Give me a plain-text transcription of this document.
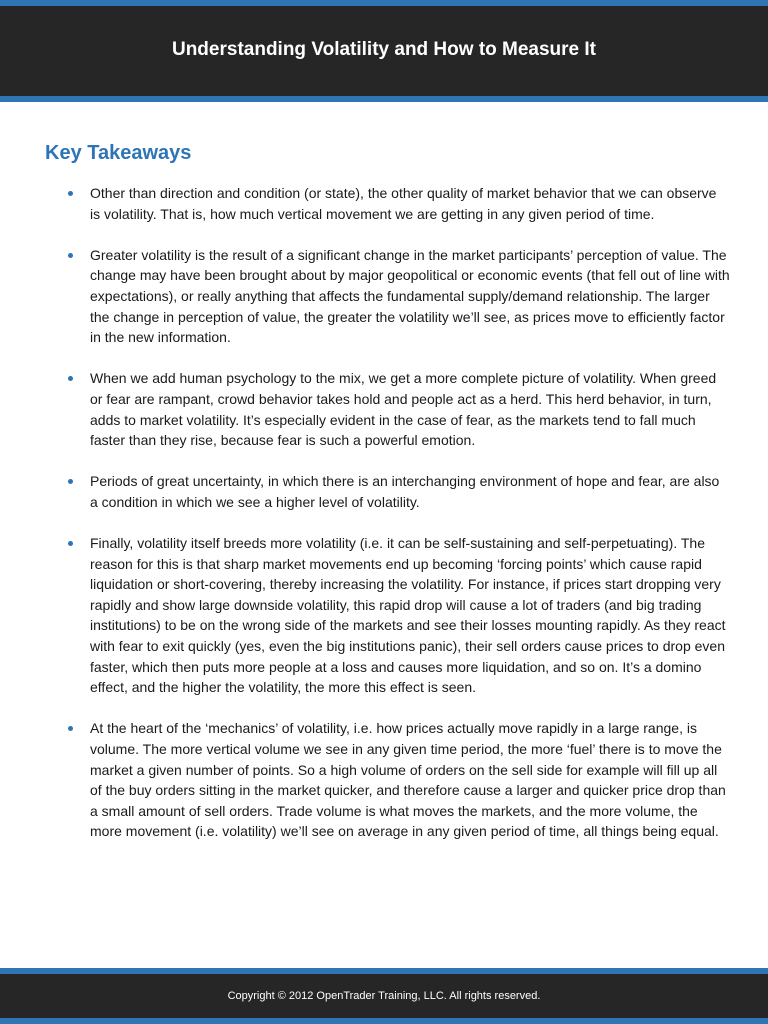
Understanding Volatility and How to Measure It
Key Takeaways
Other than direction and condition (or state), the other quality of market behavior that we can observe is volatility. That is, how much vertical movement we are getting in any given period of time.
Greater volatility is the result of a significant change in the market participants’ perception of value. The change may have been brought about by major geopolitical or economic events (that fell out of line with expectations), or really anything that affects the fundamental supply/demand relationship. The larger the change in perception of value, the greater the volatility we’ll see, as prices move to efficiently factor in the new information.
When we add human psychology to the mix, we get a more complete picture of volatility. When greed or fear are rampant, crowd behavior takes hold and people act as a herd. This herd behavior, in turn, adds to market volatility. It’s especially evident in the case of fear, as the markets tend to fall much faster than they rise, because fear is such a powerful emotion.
Periods of great uncertainty, in which there is an interchanging environment of hope and fear, are also a condition in which we see a higher level of volatility.
Finally, volatility itself breeds more volatility (i.e. it can be self-sustaining and self-perpetuating). The reason for this is that sharp market movements end up becoming ‘forcing points’ which cause rapid liquidation or short-covering, thereby increasing the volatility. For instance, if prices start dropping very rapidly and show large downside volatility, this rapid drop will cause a lot of traders (and big trading institutions) to be on the wrong side of the markets and see their losses mounting rapidly. As they react with fear to exit quickly (yes, even the big institutions panic), their sell orders cause prices to drop even faster, which then puts more people at a loss and causes more liquidation, and so on. It’s a domino effect, and the higher the volatility, the more this effect is seen.
At the heart of the ‘mechanics’ of volatility, i.e. how prices actually move rapidly in a large range, is volume. The more vertical volume we see in any given time period, the more ‘fuel’ there is to move the market a given number of points. So a high volume of orders on the sell side for example will fill up all of the buy orders sitting in the market quicker, and therefore cause a larger and quicker price drop than a small amount of sell orders. Trade volume is what moves the markets, and the more volume, the more movement (i.e. volatility) we’ll see on average in any given period of time, all things being equal.
Copyright © 2012 OpenTrader Training, LLC. All rights reserved.
